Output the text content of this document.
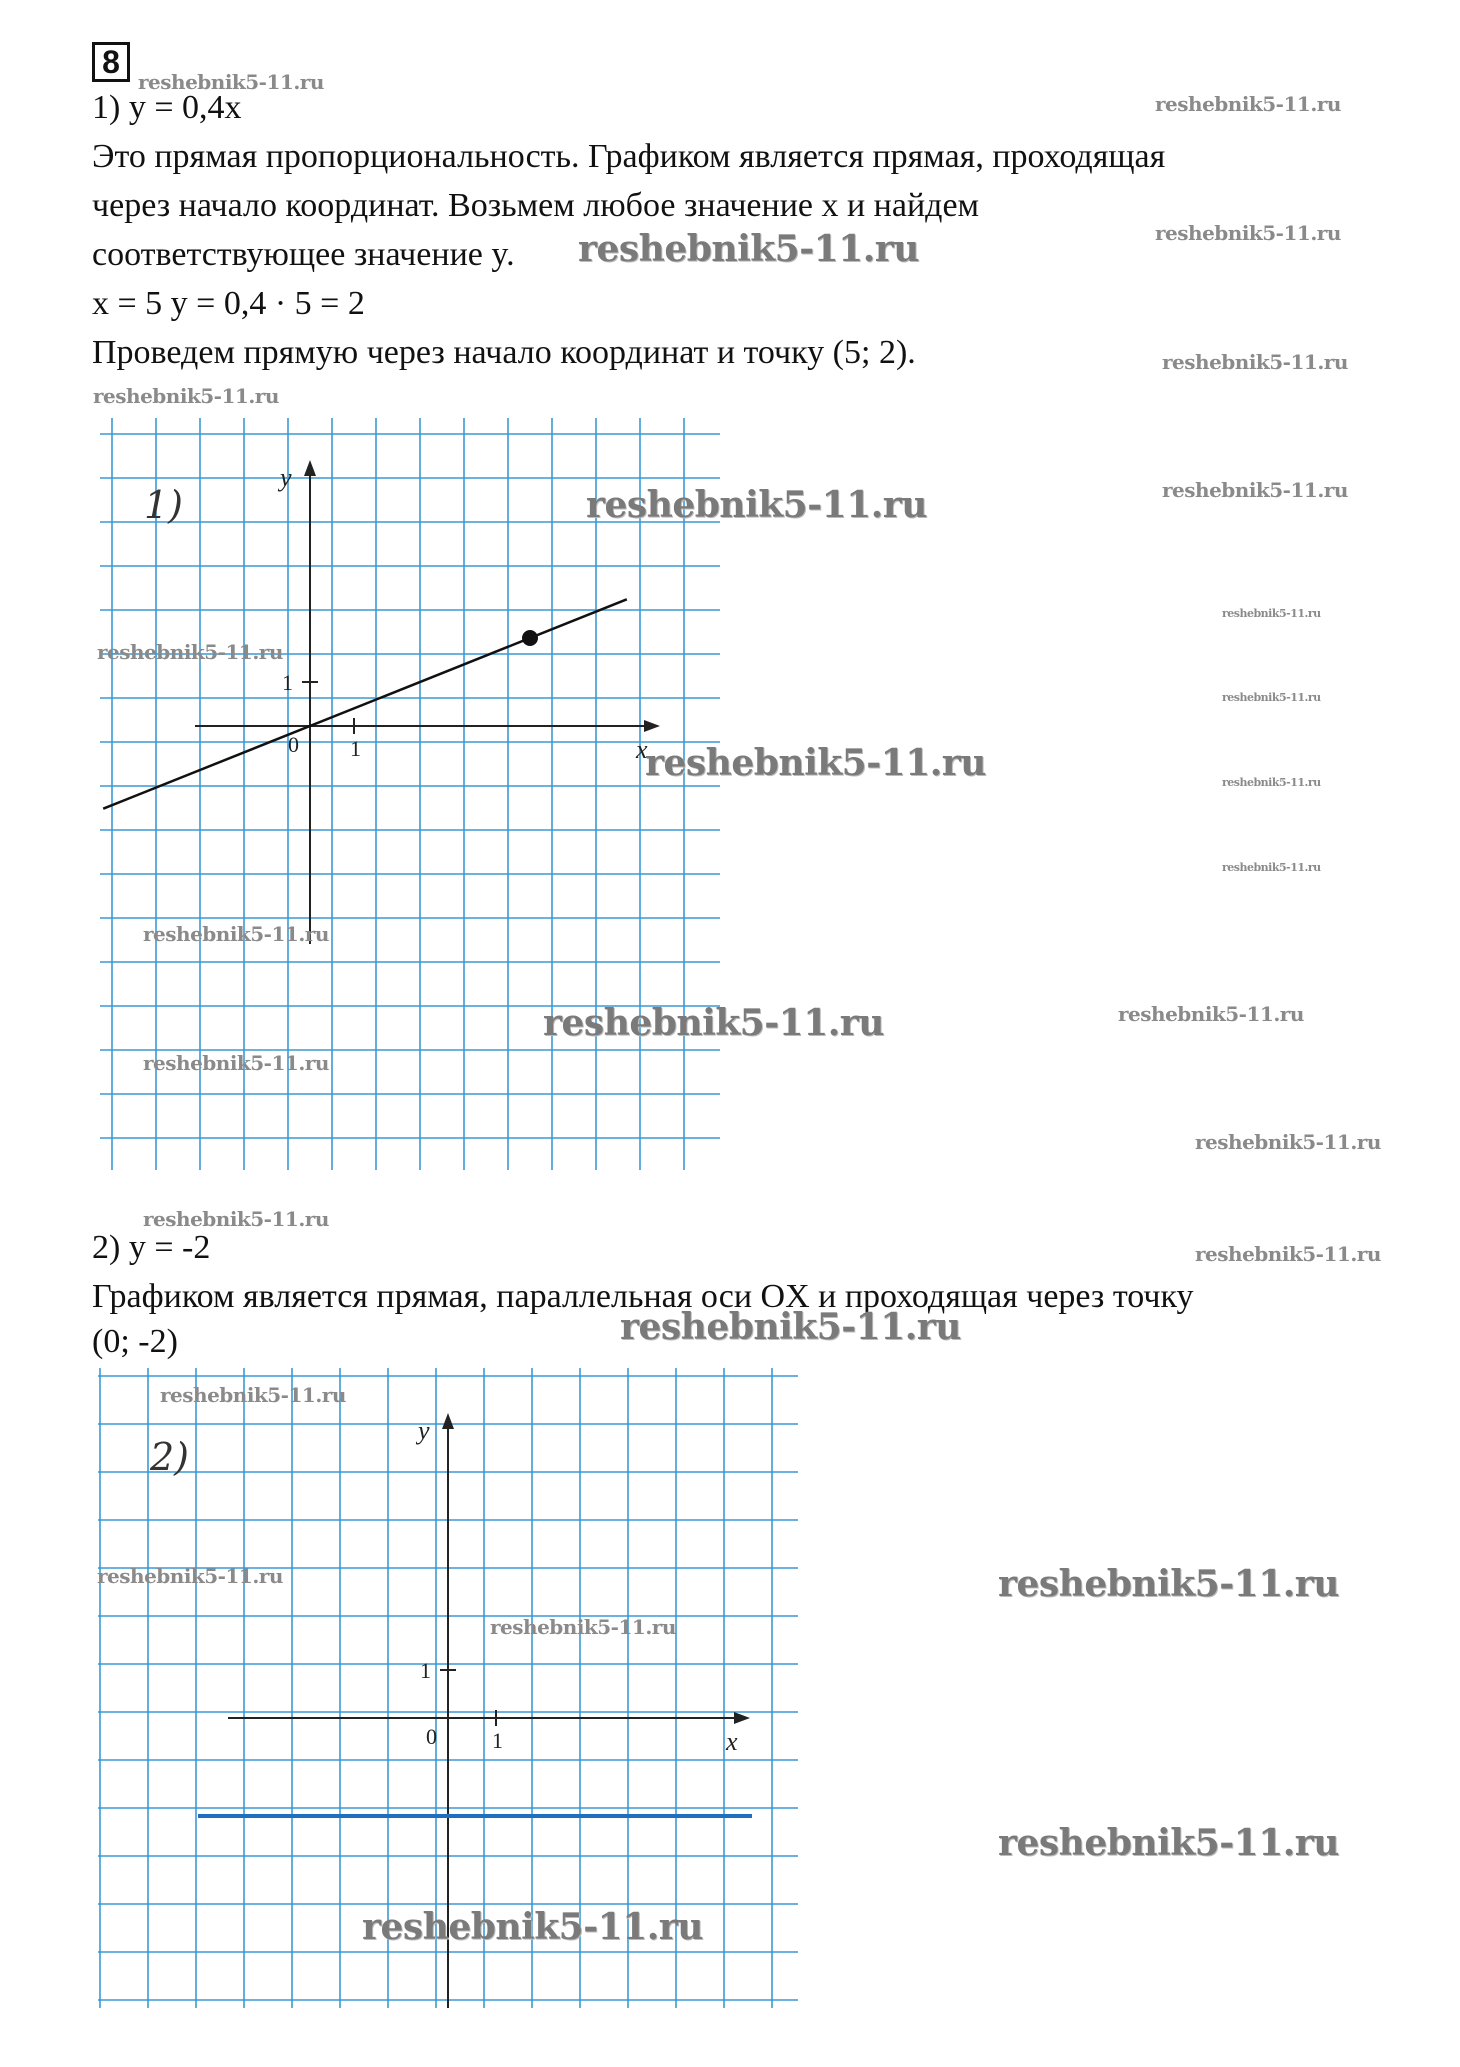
8
1) y = 0,4x
Это прямая пропорциональность. Графиком является прямая, проходящая
через начало координат. Возьмем любое значение x и найдем
соответствующее значение y.
x = 5 y = 0,4 · 5 = 2
Проведем прямую через начало координат и точку (5; 2).
0 1
1
x
y
1)
2) y = -2
Графиком является прямая, параллельная оси OX и проходящая через точку
(0; -2)
0	1
1
x
y
2)
reshebnik5-11.ru
reshebnik5-11.ru
reshebnik5-11.ru	reshebnik5-11.ru
reshebnik5-11.ru
reshebnik5-11.ru
reshebnik5-11.ru	reshebnik5-11.ru
reshebnik5-11.ru
reshebnik5-11.ru
reshebnik5-11.ru
reshebnik5-11.ru	reshebnik5-11.ru
reshebnik5-11.ru
reshebnik5-11.ru
reshebnik5-11.ru	reshebnik5-11.ru
reshebnik5-11.ru
reshebnik5-11.ru
reshebnik5-11.ru
reshebnik5-11.ru
reshebnik5-11.ru
reshebnik5-11.ru
reshebnik5-11.ru	reshebnik5-11.ru
reshebnik5-11.ru
reshebnik5-11.ru
reshebnik5-11.ru
